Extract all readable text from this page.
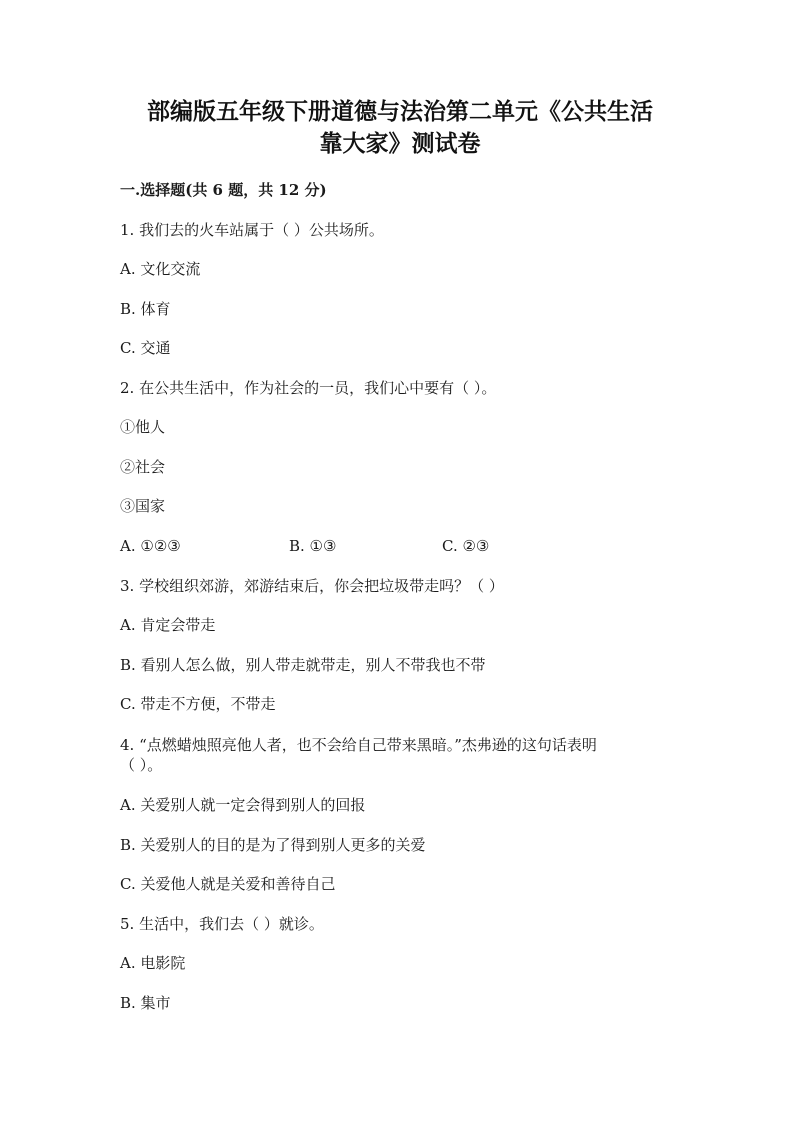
部编版五年级下册道德与法治第二单元《公共生活
靠大家》测试卷

一.选择题(共 6 题，共 12 分)

1. 我们去的火车站属于（ ）公共场所。
A. 文化交流
B. 体育
C. 交通
2. 在公共生活中，作为社会的一员，我们心中要有（ ）。
①他人
②社会
③国家
A. ①②③	B. ①③	C. ②③
3. 学校组织郊游，郊游结束后，你会把垃圾带走吗？（ ）
A. 肯定会带走
B. 看别人怎么做，别人带走就带走，别人不带我也不带
C. 带走不方便，不带走
4. “点燃蜡烛照亮他人者，也不会给自己带来黑暗。”杰弗逊的这句话表明
（ ）。
A. 关爱别人就一定会得到别人的回报
B. 关爱别人的目的是为了得到别人更多的关爱
C. 关爱他人就是关爱和善待自己
5. 生活中，我们去（ ）就诊。
A. 电影院
B. 集市
